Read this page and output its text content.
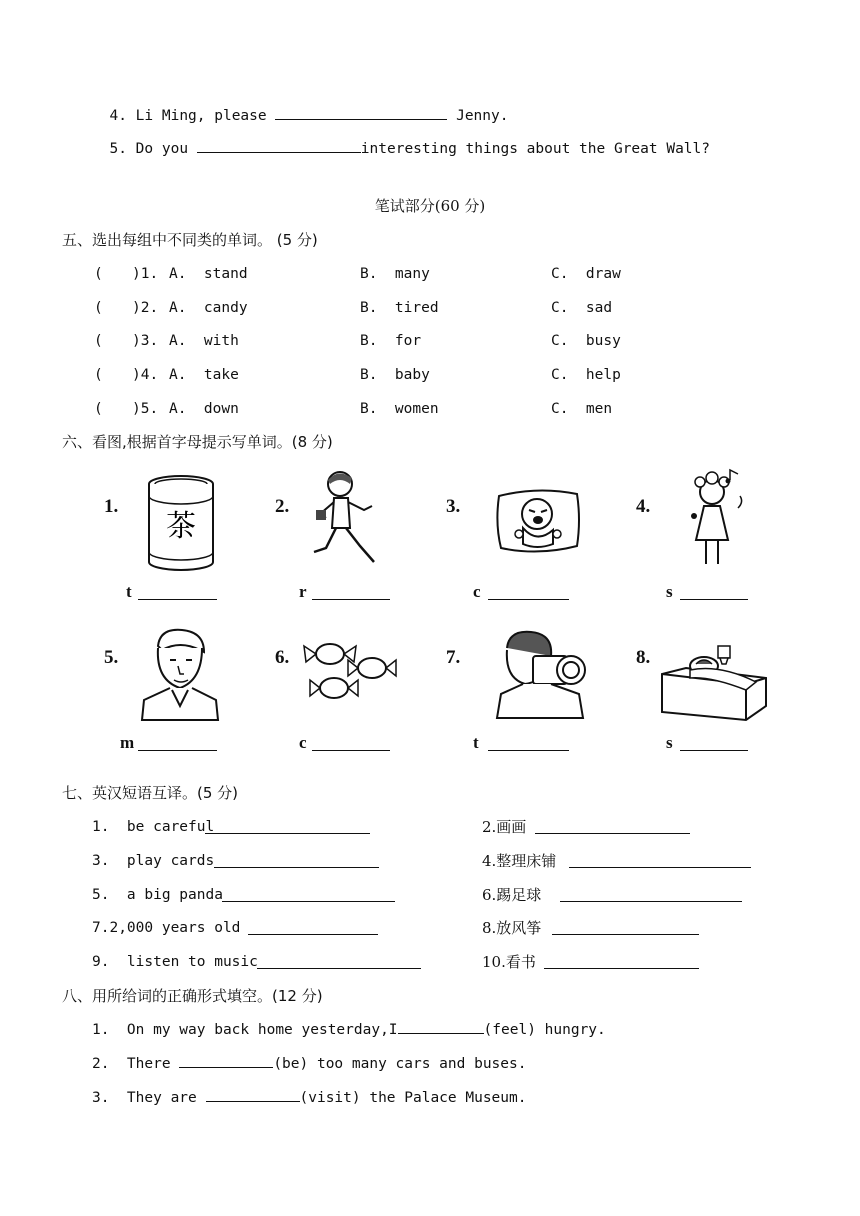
4. Li Ming, please	Jenny.

5. Do you	interesting things about the Great Wall?

笔试部分(60 分)
五、选出每组中不同类的单词。 (5 分)
( )1. A.  stand	B.  many	C.  draw
( )2. A.  candy	B.  tired	C.  sad
( )3. A.  with	B.  for	C.  busy
( )4. A.  take	B.  baby	C.  help
( )5. A.  down	B.  women	C.  men
六、看图,根据首字母提示写单词。(8 分)
1.
茶
t
2.
r
3.
c
4.
s
5.
m
6.
c
7.
t
8.
s
七、英汉短语互译。(5 分)
1.  be careful	2.画画
3.  play cards	4.整理床铺
5.  a big panda	6.踢足球
7.2,000 years old	8.放风筝
9.  listen to music	10.看书
八、用所给词的正确形式填空。(12 分)
1.  On my way back home yesterday,I	(feel) hungry.
2.  There	(be) too many cars and buses.
3.  They are	(visit) the Palace Museum.
